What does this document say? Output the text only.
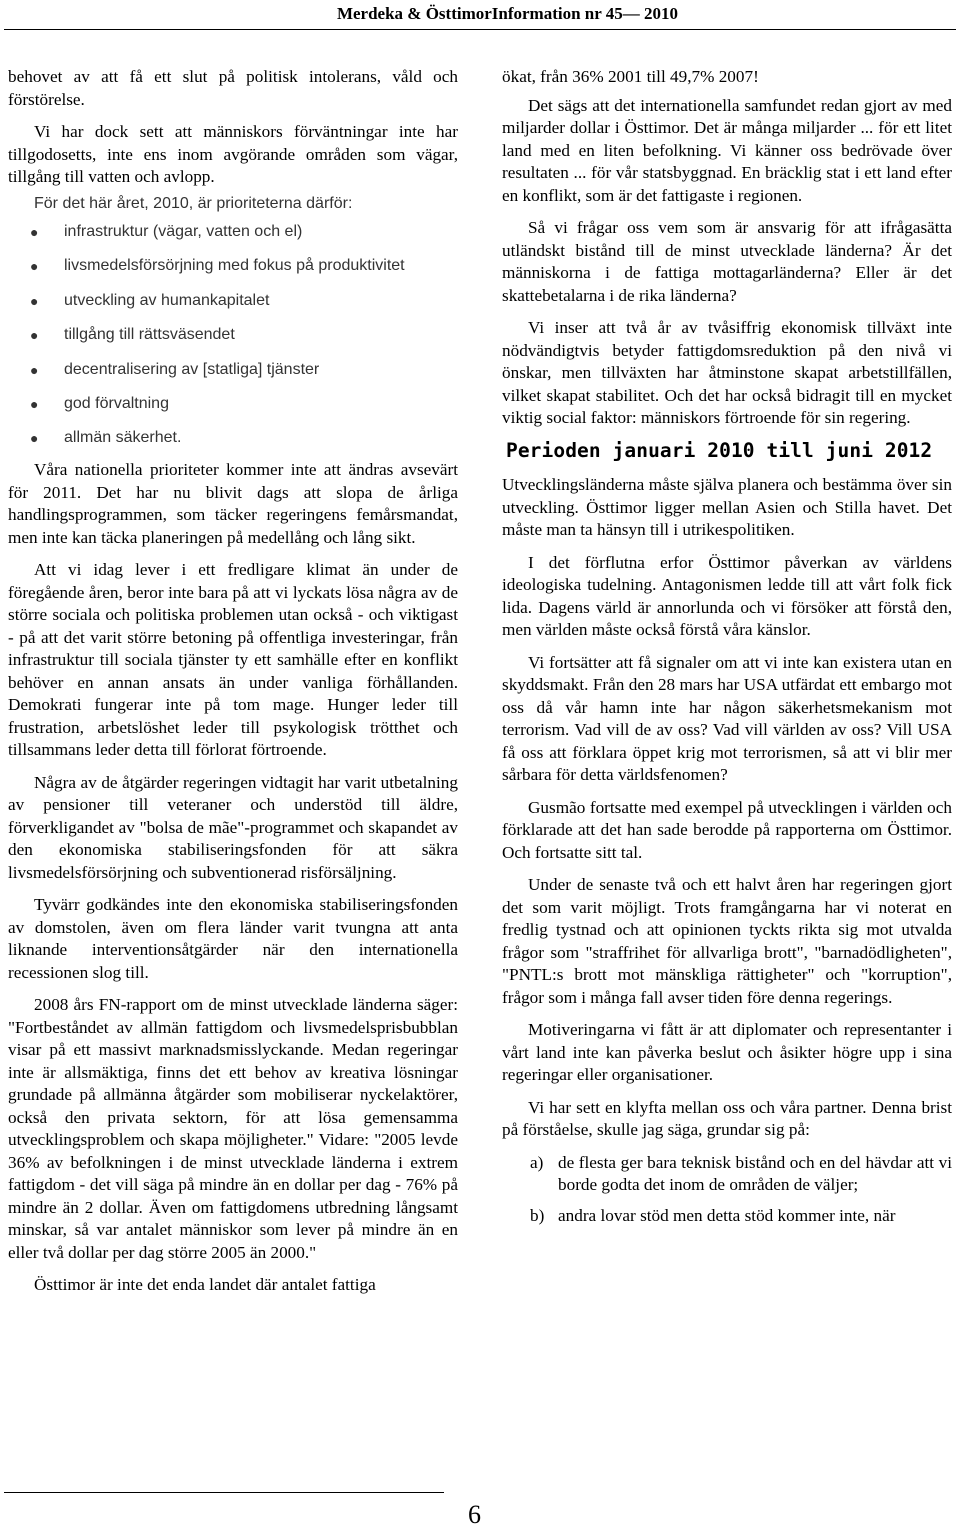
Merdeka & ÖsttimorInformation nr 45— 2010

behovet av att få ett slut på politisk intolerans, våld och förstörelse.

Vi har dock sett att människors förväntningar inte har tillgodosetts, inte ens inom avgörande områden som vägar, tillgång till vatten och avlopp.

För det här året, 2010, är prioriteterna därför:

● infrastruktur (vägar, vatten och el)
● livsmedelsförsörjning med fokus på produktivitet
● utveckling av humankapitalet
● tillgång till rättsväsendet
● decentralisering av [statliga] tjänster
● god förvaltning
● allmän säkerhet.

Våra nationella prioriteter kommer inte att ändras avsevärt för 2011. Det har nu blivit dags att slopa de årliga handlingsprogrammen, som täcker regeringens femårsmandat, men inte kan täcka planeringen på medellång och lång sikt.

Att vi idag lever i ett fredligare klimat än under de föregående åren, beror inte bara på att vi lyckats lösa några av de större sociala och politiska problemen utan också - och viktigast - på att det varit större betoning på offentliga investeringar, från infrastruktur till sociala tjänster ty ett samhälle efter en konflikt behöver en annan ansats än under vanliga förhållanden. Demokrati fungerar inte på tom mage. Hunger leder till frustration, arbetslöshet leder till psykologisk trötthet och tillsammans leder detta till förlorat förtroende.

Några av de åtgärder regeringen vidtagit har varit utbetalning av pensioner till veteraner och understöd till äldre, förverkligandet av "bolsa de mãe"-programmet och skapandet av den ekonomiska stabiliseringsfonden för att säkra livsmedelsförsörjning och subventionerad risförsäljning.

Tyvärr godkändes inte den ekonomiska stabiliseringsfonden av domstolen, även om flera länder varit tvungna att anta liknande interventionsåtgärder när den internationella recessionen slog till.

2008 års FN-rapport om de minst utvecklade länderna säger: "Fortbeståndet av allmän fattigdom och livsmedelsprisbubblan visar på ett massivt marknadsmisslyckande. Medan regeringar inte är allsmäktiga, finns det ett behov av kreativa lösningar grundade på allmänna åtgärder som mobiliserar nyckelaktörer, också den privata sektorn, för att lösa gemensamma utvecklingsproblem och skapa möjligheter." Vidare: "2005 levde 36% av befolkningen i de minst utvecklade länderna i extrem fattigdom - det vill säga på mindre än en dollar per dag - 76% på mindre än 2 dollar. Även om fattigdomens utbredning långsamt minskar, så var antalet människor som lever på mindre än en eller två dollar per dag större 2005 än 2000."

Östtimor är inte det enda landet där antalet fattiga

ökat, från 36% 2001 till 49,7% 2007!

Det sägs att det internationella samfundet redan gjort av med miljarder dollar i Östtimor. Det är många miljarder ... för ett litet land med en liten befolkning. Vi känner oss bedrövade över resultaten ... för vår statsbyggnad. En bräcklig stat i ett land efter en konflikt, som är det fattigaste i regionen.

Så vi frågar oss vem som är ansvarig för att ifrågasätta utländskt bistånd till de minst utvecklade länderna? Är det människorna i de fattiga mottagarländerna? Eller är det skattebetalarna i de rika länderna?

Vi inser att två år av tvåsiffrig ekonomisk tillväxt inte nödvändigtvis betyder fattigdomsreduktion på den nivå vi önskar, men tillväxten har åtminstone skapat arbetstillfällen, vilket skapat stabilitet. Och det har också bidragit till en mycket viktig social faktor: människors förtroende för sin regering.

Perioden januari 2010 till juni 2012

Utvecklingsländerna måste själva planera och bestämma över sin utveckling. Östtimor ligger mellan Asien och Stilla havet. Det måste man ta hänsyn till i utrikespolitiken.

I det förflutna erfor Östtimor påverkan av världens ideologiska tudelning. Antagonismen ledde till att vårt folk fick lida. Dagens värld är annorlunda och vi försöker att förstå den, men världen måste också förstå våra känslor.

Vi fortsätter att få signaler om att vi inte kan existera utan en skyddsmakt. Från den 28 mars har USA utfärdat ett embargo mot oss då vår hamn inte har någon säkerhetsmekanism mot terrorism. Vad vill de av oss? Vad vill världen av oss? Vill USA få oss att förklara öppet krig mot terrorismen, så att vi blir mer sårbara för detta världsfenomen?

Gusmão fortsatte med exempel på utvecklingen i världen och förklarade att det han sade berodde på rapporterna om Östtimor. Och fortsatte sitt tal.

Under de senaste två och ett halvt åren har regeringen gjort det som varit möjligt. Trots framgångarna har vi noterat en fredlig tystnad och att opinionen tyckts rikta sig mot utvalda frågor som "straffrihet för allvarliga brott", "barnadödligheten", "PNTL:s brott mot mänskliga rättigheter" och "korruption", frågor som i många fall avser tiden före denna regerings.

Motiveringarna vi fått är att diplomater och representanter i vårt land inte kan påverka beslut och åsikter högre upp i sina regeringar eller organisationer.

Vi har sett en klyfta mellan oss och våra partner. Denna brist på förståelse, skulle jag säga, grundar sig på:

a) de flesta ger bara teknisk bistånd och en del hävdar att vi borde godta det inom de områden de väljer;
b) andra lovar stöd men detta stöd kommer inte, när
6
